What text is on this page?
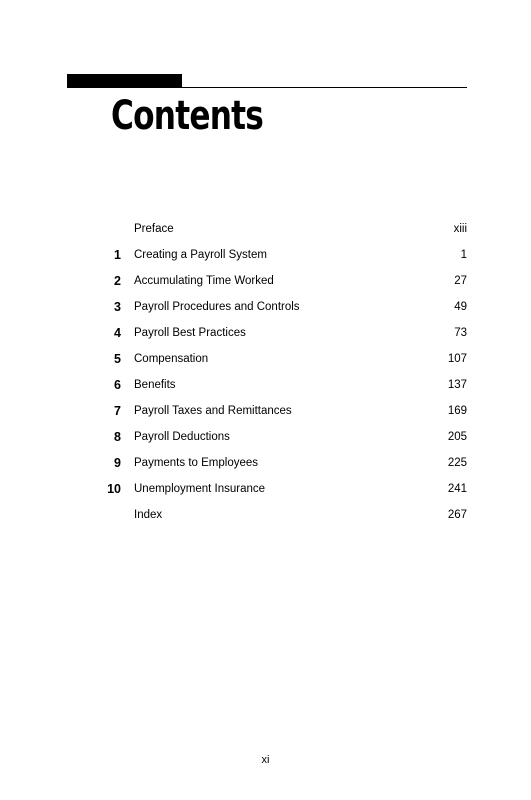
Contents
Preface	xiii
1 Creating a Payroll System	1
2 Accumulating Time Worked	27
3 Payroll Procedures and Controls	49
4 Payroll Best Practices	73
5 Compensation	107
6 Benefits	137
7 Payroll Taxes and Remittances	169
8 Payroll Deductions	205
9 Payments to Employees	225
10 Unemployment Insurance	241
Index	267
xi
